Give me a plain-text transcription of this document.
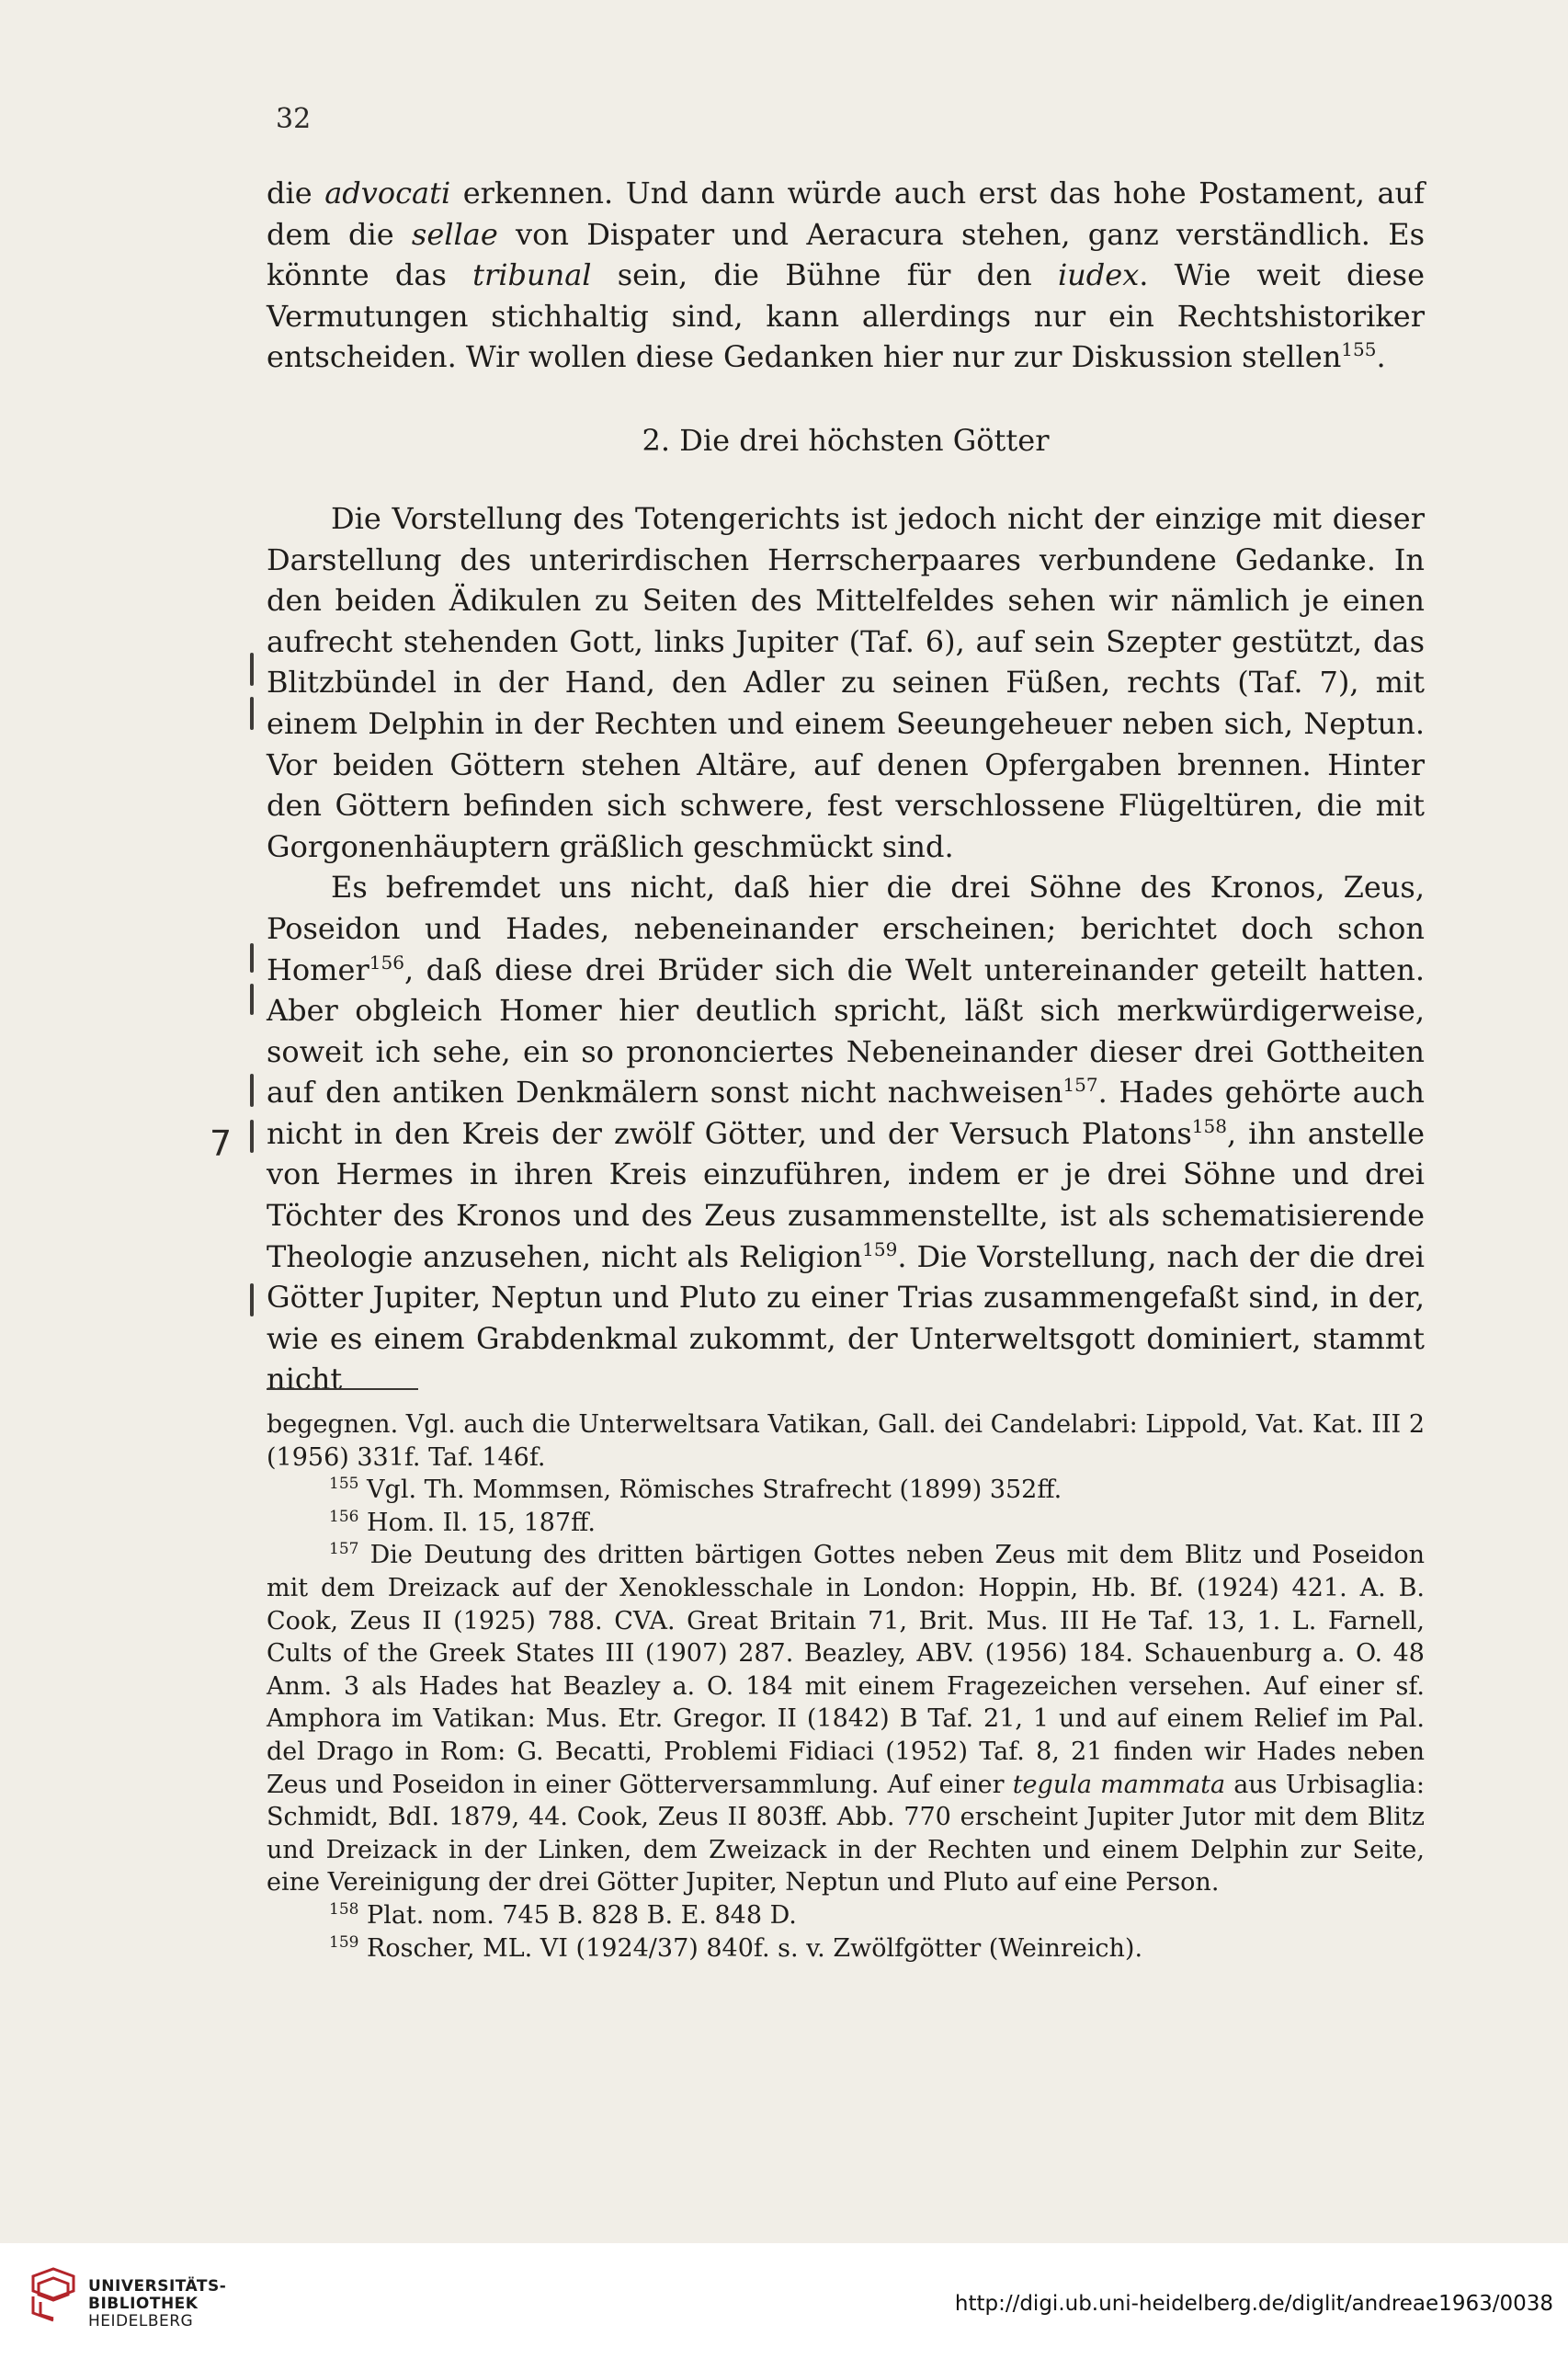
32

die advocati erkennen. Und dann würde auch erst das hohe Postament, auf dem die sellae von Dispater und Aeracura stehen, ganz verständlich. Es könnte das tribunal sein, die Bühne für den iudex. Wie weit diese Vermutungen stichhaltig sind, kann allerdings nur ein Rechtshistoriker entscheiden. Wir wollen diese Gedanken hier nur zur Diskussion stellen$^{155}$.

2. Die drei höchsten Götter

Die Vorstellung des Totengerichts ist jedoch nicht der einzige mit dieser Darstellung des unterirdischen Herrscherpaares verbundene Gedanke. In den beiden Ädikulen zu Seiten des Mittelfeldes sehen wir nämlich je einen aufrecht stehenden Gott, links Jupiter (Taf. 6), auf sein Szepter gestützt, das Blitzbündel in der Hand, den Adler zu seinen Füßen, rechts (Taf. 7), mit einem Delphin in der Rechten und einem Seeungeheuer neben sich, Neptun. Vor beiden Göttern stehen Altäre, auf denen Opfergaben brennen. Hinter den Göttern befinden sich schwere, fest verschlossene Flügeltüren, die mit Gorgonenhäuptern gräßlich geschmückt sind.

Es befremdet uns nicht, daß hier die drei Söhne des Kronos, Zeus, Poseidon und Hades, nebeneinander erscheinen; berichtet doch schon Homer$^{156}$, daß diese drei Brüder sich die Welt untereinander geteilt hatten. Aber obgleich Homer hier deutlich spricht, läßt sich merkwürdigerweise, soweit ich sehe, ein so prononciertes Nebeneinander dieser drei Gottheiten auf den antiken Denkmälern sonst nicht nachweisen$^{157}$. Hades gehörte auch nicht in den Kreis der zwölf Götter, und der Versuch Platons$^{158}$, ihn anstelle von Hermes in ihren Kreis einzuführen, indem er je drei Söhne und drei Töchter des Kronos und des Zeus zusammenstellte, ist als schematisierende Theologie anzusehen, nicht als Religion$^{159}$. Die Vorstellung, nach der die drei Götter Jupiter, Neptun und Pluto zu einer Trias zusammengefaßt sind, in der, wie es einem Grabdenkmal zukommt, der Unterweltsgott dominiert, stammt nicht

7

begegnen. Vgl. auch die Unterweltsara Vatikan, Gall. dei Candelabri: Lippold, Vat. Kat. III 2 (1956) 331f. Taf. 146f.

$^{155}$ Vgl. Th. Mommsen, Römisches Strafrecht (1899) 352ff.

$^{156}$ Hom. Il. 15, 187ff.

$^{157}$ Die Deutung des dritten bärtigen Gottes neben Zeus mit dem Blitz und Poseidon mit dem Dreizack auf der Xenoklesschale in London: Hoppin, Hb. Bf. (1924) 421. A. B. Cook, Zeus II (1925) 788. CVA. Great Britain 71, Brit. Mus. III He Taf. 13, 1. L. Farnell, Cults of the Greek States III (1907) 287. Beazley, ABV. (1956) 184. Schauenburg a. O. 48 Anm. 3 als Hades hat Beazley a. O. 184 mit einem Fragezeichen versehen. Auf einer sf. Amphora im Vatikan: Mus. Etr. Gregor. II (1842) B Taf. 21, 1 und auf einem Relief im Pal. del Drago in Rom: G. Becatti, Problemi Fidiaci (1952) Taf. 8, 21 finden wir Hades neben Zeus und Poseidon in einer Götterversammlung. Auf einer tegula mammata aus Urbisaglia: Schmidt, BdI. 1879, 44. Cook, Zeus II 803ff. Abb. 770 erscheint Jupiter Jutor mit dem Blitz und Dreizack in der Linken, dem Zweizack in der Rechten und einem Delphin zur Seite, eine Vereinigung der drei Götter Jupiter, Neptun und Pluto auf eine Person.

$^{158}$ Plat. nom. 745 B. 828 B. E. 848 D.

$^{159}$ Roscher, ML. VI (1924/37) 840f. s. v. Zwölfgötter (Weinreich).

UNIVERSITÄTS-
BIBLIOTHEK
HEIDELBERG
http://digi.ub.uni-heidelberg.de/diglit/andreae1963/0038
